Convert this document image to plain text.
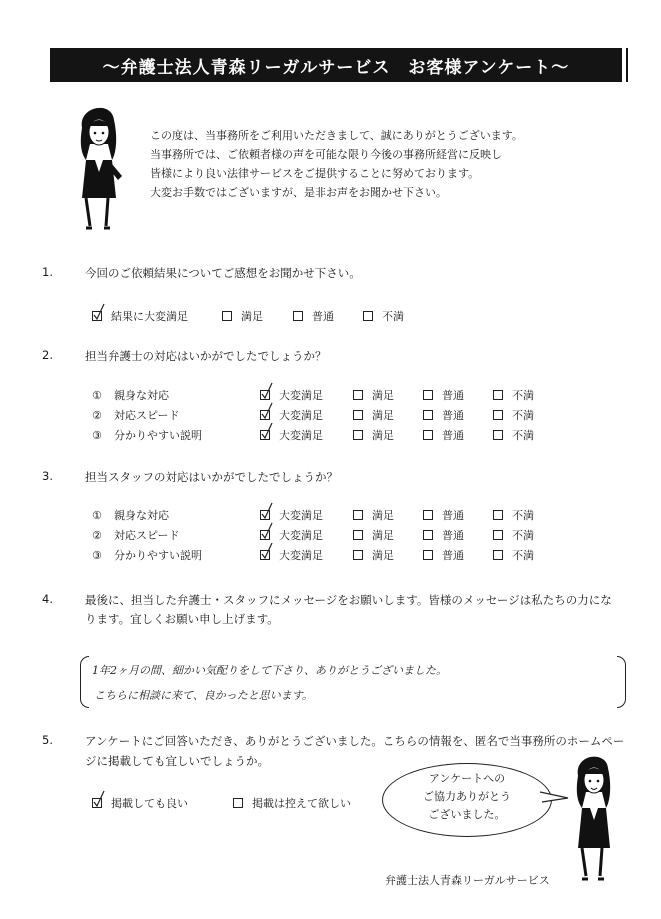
～弁護士法人青森リーガルサービス　お客様アンケート～
この度は、当事務所をご利用いただきまして、誠にありがとうございます。
当事務所では、ご依頼者様の声を可能な限り今後の事務所経営に反映し
皆様により良い法律サービスをご提供することに努めております。
大変お手数ではございますが、是非お声をお聞かせ下さい。
1.	今回のご依頼結果についてご感想をお聞かせ下さい。
結果に大変満足	満足	普通	不満
2.	担当弁護士の対応はいかがでしたでしょうか？
①	親身な対応	大変満足	満足	普通	不満
②	対応スピード	大変満足	満足	普通	不満
③	分かりやすい説明	大変満足	満足	普通	不満
3.	担当スタッフの対応はいかがでしたでしょうか？
①	親身な対応	大変満足	満足	普通	不満
②	対応スピード	大変満足	満足	普通	不満
③	分かりやすい説明	大変満足	満足	普通	不満
4.	最後に、担当した弁護士・スタッフにメッセージをお願いします。皆様のメッセージは私たちの力にな
ります。宜しくお願い申し上げます。
1年2ヶ月の間、細かい気配りをして下さり、ありがとうございました。
こちらに相談に来て、良かったと思います。
5.	アンケートにご回答いただき、ありがとうございました。こちらの情報を、匿名で当事務所のホームペー
ジに掲載しても宜しいでしょうか。
掲載しても良い	掲載は控えて欲しい
アンケートへの
ご協力ありがとう
ございました。
弁護士法人青森リーガルサービス
